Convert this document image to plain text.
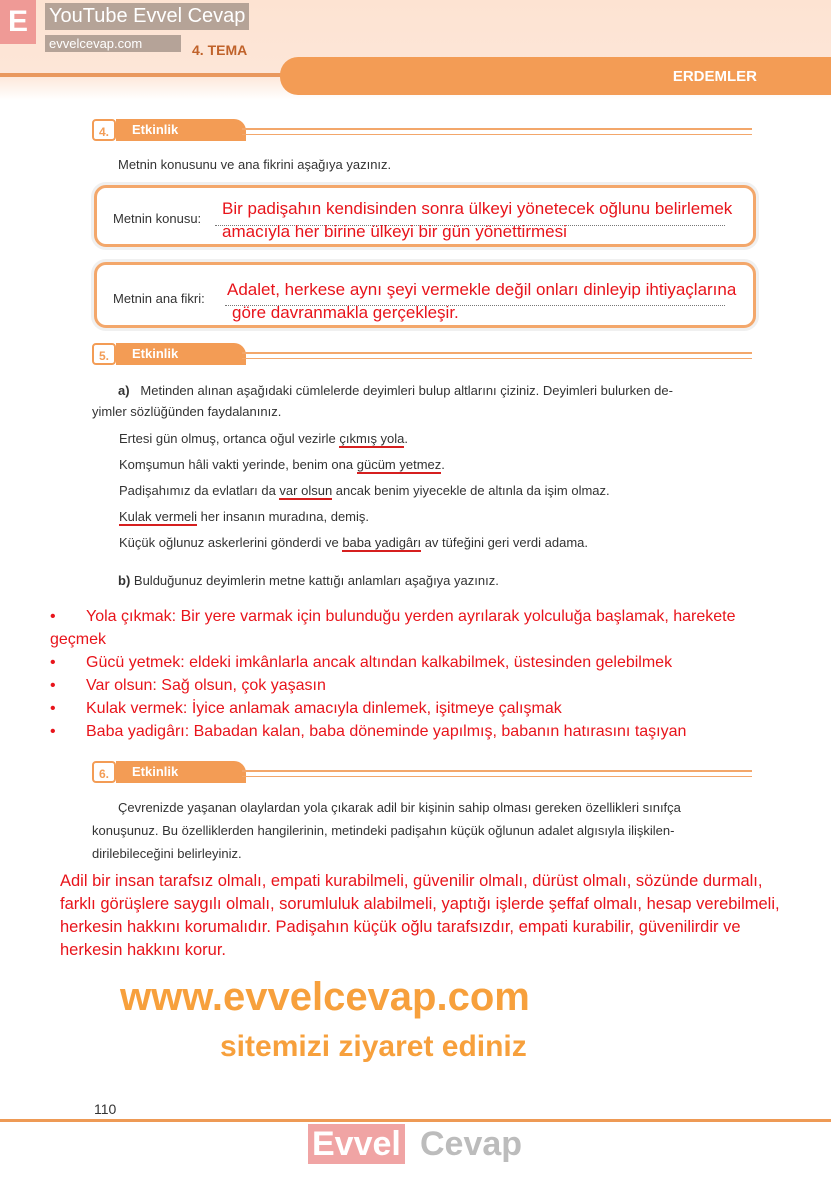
ERDEMLER
E	YouTube Evvel Cevap
evvelcevap.com	4. TEMA
4.	Etkinlik
Metnin konusunu ve ana fikrini aşağıya yazınız.
Metnin konusu:
Bir padişahın kendisinden sonra ülkeyi yönetecek oğlunu belirlemek
amacıyla her birine ülkeyi bir gün yönettirmesi
Metnin ana fikri: Adalet, herkese aynı şeyi vermekle değil onları dinleyip ihtiyaçlarına
göre davranmakla gerçekleşir.
5.	Etkinlik
a) Metinden alınan aşağıdaki cümlelerde deyimleri bulup altlarını çiziniz. Deyimleri bulurken de-
yimler sözlüğünden faydalanınız.
Ertesi gün olmuş, ortanca oğul vezirle çıkmış yola.
Komşumun hâli vakti yerinde, benim ona gücüm yetmez.
Padişahımız da evlatları da var olsun ancak benim yiyecekle de altınla da işim olmaz.
Kulak vermeli her insanın muradına, demiş.
Küçük oğlunuz askerlerini gönderdi ve baba yadigârı av tüfeğini geri verdi adama.
b) Bulduğunuz deyimlerin metne kattığı anlamları aşağıya yazınız.
• Yola çıkmak: Bir yere varmak için bulunduğu yerden ayrılarak yolculuğa başlamak, harekete
geçmek
• Gücü yetmek: eldeki imkânlarla ancak altından kalkabilmek, üstesinden gelebilmek
• Var olsun: Sağ olsun, çok yaşasın
• Kulak vermek: İyice anlamak amacıyla dinlemek, işitmeye çalışmak
• Baba yadigârı: Babadan kalan, baba döneminde yapılmış, babanın hatırasını taşıyan
6.	Etkinlik
Çevrenizde yaşanan olaylardan yola çıkarak adil bir kişinin sahip olması gereken özellikleri sınıfça
konuşunuz. Bu özelliklerden hangilerinin, metindeki padişahın küçük oğlunun adalet algısıyla ilişkilen-
dirilebileceğini belirleyiniz.
Adil bir insan tarafsız olmalı, empati kurabilmeli, güvenilir olmalı, dürüst olmalı, sözünde durmalı,
farklı görüşlere saygılı olmalı, sorumluluk alabilmeli, yaptığı işlerde şeffaf olmalı, hesap verebilmeli,
herkesin hakkını korumalıdır. Padişahın küçük oğlu tarafsızdır, empati kurabilir, güvenilirdir ve
herkesin hakkını korur.
www.evvelcevap.com
sitemizi ziyaret ediniz
110
Evvel Cevap
